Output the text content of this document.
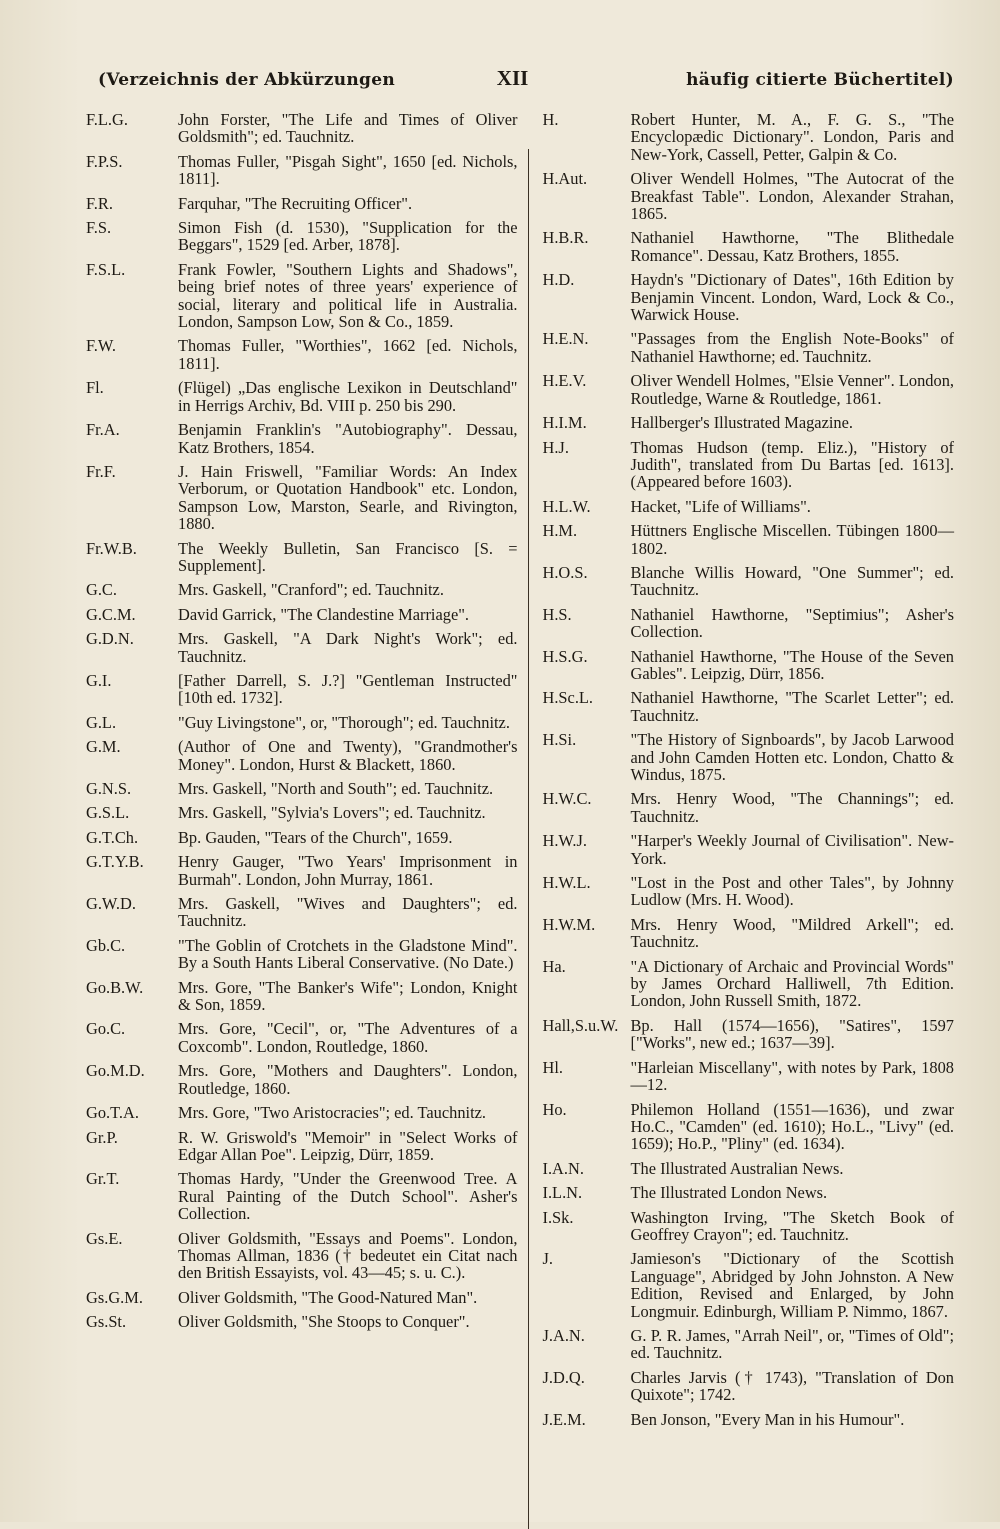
(Verzeichnis der Abkürzungen	XII	häufig citierte Büchertitel)
F.L.G.	John Forster, "The Life and Times of Oliver Goldsmith"; ed. Tauchnitz.
F.P.S.	Thomas Fuller, "Pisgah Sight", 1650 [ed. Nichols, 1811].
F.R.	Farquhar, "The Recruiting Officer".
F.S.	Simon Fish (d. 1530), "Supplication for the Beggars", 1529 [ed. Arber, 1878].
F.S.L.	Frank Fowler, "Southern Lights and Shadows", being brief notes of three years' experience of social, literary and political life in Australia. London, Sampson Low, Son & Co., 1859.
F.W.	Thomas Fuller, "Worthies", 1662 [ed. Nichols, 1811].
Fl.	(Flügel) „Das englische Lexikon in Deutschland" in Herrigs Archiv, Bd. VIII p. 250 bis 290.
Fr.A.	Benjamin Franklin's "Autobiography". Dessau, Katz Brothers, 1854.
Fr.F.	J. Hain Friswell, "Familiar Words: An Index Verborum, or Quotation Handbook" etc. London, Sampson Low, Marston, Searle, and Rivington, 1880.
Fr.W.B.	The Weekly Bulletin, San Francisco [S. = Supplement].
G.C.	Mrs. Gaskell, "Cranford"; ed. Tauchnitz.
G.C.M.	David Garrick, "The Clandestine Marriage".
G.D.N.	Mrs. Gaskell, "A Dark Night's Work"; ed. Tauchnitz.
G.I.	[Father Darrell, S. J.?] "Gentleman Instructed" [10th ed. 1732].
G.L.	"Guy Livingstone", or, "Thorough"; ed. Tauchnitz.
G.M.	(Author of One and Twenty), "Grandmother's Money". London, Hurst & Blackett, 1860.
G.N.S.	Mrs. Gaskell, "North and South"; ed. Tauchnitz.
G.S.L.	Mrs. Gaskell, "Sylvia's Lovers"; ed. Tauchnitz.
G.T.Ch.	Bp. Gauden, "Tears of the Church", 1659.
G.T.Y.B.	Henry Gauger, "Two Years' Imprisonment in Burmah". London, John Murray, 1861.
G.W.D.	Mrs. Gaskell, "Wives and Daughters"; ed. Tauchnitz.
Gb.C.	"The Goblin of Crotchets in the Gladstone Mind". By a South Hants Liberal Conservative. (No Date.)
Go.B.W.	Mrs. Gore, "The Banker's Wife"; London, Knight & Son, 1859.
Go.C.	Mrs. Gore, "Cecil", or, "The Adventures of a Coxcomb". London, Routledge, 1860.
Go.M.D.	Mrs. Gore, "Mothers and Daughters". London, Routledge, 1860.
Go.T.A.	Mrs. Gore, "Two Aristocracies"; ed. Tauchnitz.
Gr.P.	R. W. Griswold's "Memoir" in "Select Works of Edgar Allan Poe". Leipzig, Dürr, 1859.
Gr.T.	Thomas Hardy, "Under the Greenwood Tree. A Rural Painting of the Dutch School". Asher's Collection.
Gs.E.	Oliver Goldsmith, "Essays and Poems". London, Thomas Allman, 1836 († bedeutet ein Citat nach den British Essayists, vol. 43—45; s. u. C.).
Gs.G.M.	Oliver Goldsmith, "The Good-Natured Man".
Gs.St.	Oliver Goldsmith, "She Stoops to Conquer".
H.	Robert Hunter, M. A., F. G. S., "The Encyclopædic Dictionary". London, Paris and New-York, Cassell, Petter, Galpin & Co.
H.Aut.	Oliver Wendell Holmes, "The Autocrat of the Breakfast Table". London, Alexander Strahan, 1865.
H.B.R.	Nathaniel Hawthorne, "The Blithedale Romance". Dessau, Katz Brothers, 1855.
H.D.	Haydn's "Dictionary of Dates", 16th Edition by Benjamin Vincent. London, Ward, Lock & Co., Warwick House.
H.E.N.	"Passages from the English Note-Books" of Nathaniel Hawthorne; ed. Tauchnitz.
H.E.V.	Oliver Wendell Holmes, "Elsie Venner". London, Routledge, Warne & Routledge, 1861.
H.I.M.	Hallberger's Illustrated Magazine.
H.J.	Thomas Hudson (temp. Eliz.), "History of Judith", translated from Du Bartas [ed. 1613]. (Appeared before 1603).
H.L.W.	Hacket, "Life of Williams".
H.M.	Hüttners Englische Miscellen. Tübingen 1800—1802.
H.O.S.	Blanche Willis Howard, "One Summer"; ed. Tauchnitz.
H.S.	Nathaniel Hawthorne, "Septimius"; Asher's Collection.
H.S.G.	Nathaniel Hawthorne, "The House of the Seven Gables". Leipzig, Dürr, 1856.
H.Sc.L.	Nathaniel Hawthorne, "The Scarlet Letter"; ed. Tauchnitz.
H.Si.	"The History of Signboards", by Jacob Larwood and John Camden Hotten etc. London, Chatto & Windus, 1875.
H.W.C.	Mrs. Henry Wood, "The Channings"; ed. Tauchnitz.
H.W.J.	"Harper's Weekly Journal of Civilisation". New-York.
H.W.L.	"Lost in the Post and other Tales", by Johnny Ludlow (Mrs. H. Wood).
H.W.M.	Mrs. Henry Wood, "Mildred Arkell"; ed. Tauchnitz.
Ha.	"A Dictionary of Archaic and Provincial Words" by James Orchard Halliwell, 7th Edition. London, John Russell Smith, 1872.
Hall,S.u.W. Bp. Hall (1574—1656), "Satires", 1597 ["Works", new ed.; 1637—39].
Hl.	"Harleian Miscellany", with notes by Park, 1808—12.
Ho.	Philemon Holland (1551—1636), und zwar Ho.C., "Camden" (ed. 1610); Ho.L., "Livy" (ed. 1659); Ho.P., "Pliny" (ed. 1634).
I.A.N.	The Illustrated Australian News.
I.L.N.	The Illustrated London News.
I.Sk.	Washington Irving, "The Sketch Book of Geoffrey Crayon"; ed. Tauchnitz.
J.	Jamieson's "Dictionary of the Scottish Language", Abridged by John Johnston. A New Edition, Revised and Enlarged, by John Longmuir. Edinburgh, William P. Nimmo, 1867.
J.A.N.	G. P. R. James, "Arrah Neil", or, "Times of Old"; ed. Tauchnitz.
J.D.Q.	Charles Jarvis († 1743), "Translation of Don Quixote"; 1742.
J.E.M.	Ben Jonson, "Every Man in his Humour".
